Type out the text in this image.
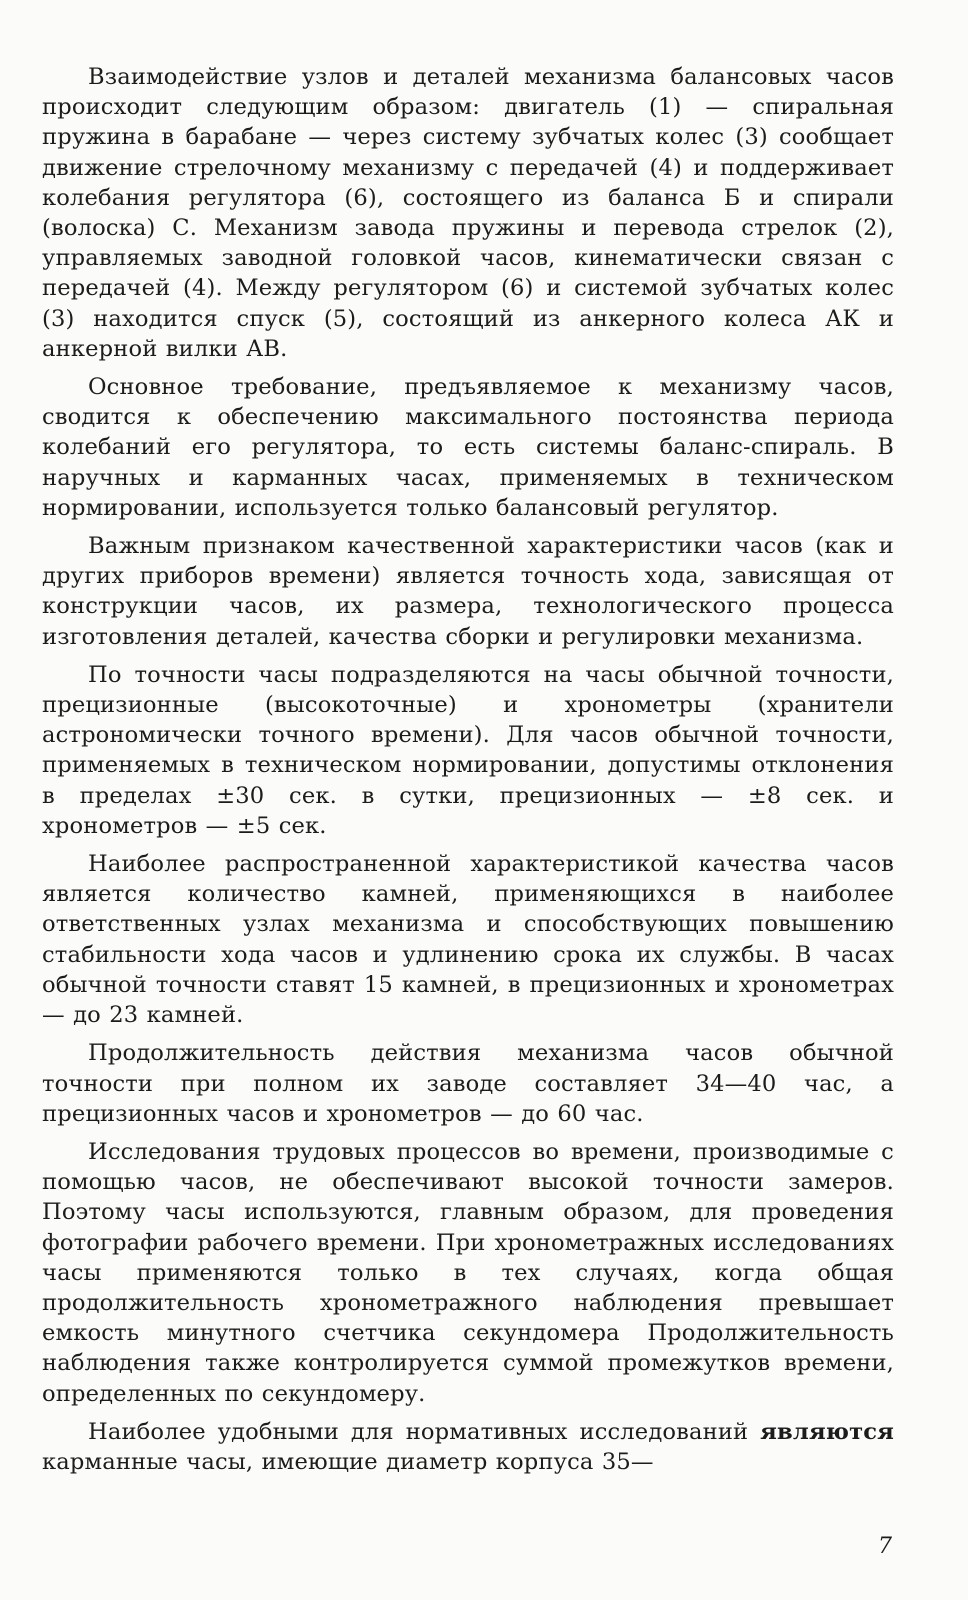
Взаимодействие узлов и деталей механизма балансовых часов происходит следующим образом: двигатель (1) — спиральная пружина в барабане — через систему зубчатых колес (3) сообщает движение стрелочному механизму с передачей (4) и поддерживает колебания регулятора (6), состоящего из баланса Б и спирали (волоска) С. Механизм завода пружины и перевода стрелок (2), управляемых заводной головкой часов, кинематически связан с передачей (4). Между регулятором (6) и системой зубчатых колес (3) находится спуск (5), состоящий из анкерного колеса АК и анкерной вилки АВ.

Основное требование, предъявляемое к механизму часов, сводится к обеспечению максимального постоянства периода колебаний его регулятора, то есть системы баланс-спираль. В наручных и карманных часах, применяемых в техническом нормировании, используется только балансовый регулятор.

Важным признаком качественной характеристики часов (как и других приборов времени) является точность хода, зависящая от конструкции часов, их размера, технологического процесса изготовления деталей, качества сборки и регулировки механизма.

По точности часы подразделяются на часы обычной точности, прецизионные (высокоточные) и хронометры (хранители астрономически точного времени). Для часов обычной точности, применяемых в техническом нормировании, допустимы отклонения в пределах ±30 сек. в сутки, прецизионных — ±8 сек. и хронометров — ±5 сек.

Наиболее распространенной характеристикой качества часов является количество камней, применяющихся в наиболее ответственных узлах механизма и способствующих повышению стабильности хода часов и удлинению срока их службы. В часах обычной точности ставят 15 камней, в прецизионных и хронометрах — до 23 камней.

Продолжительность действия механизма часов обычной точности при полном их заводе составляет 34—40 час, а прецизионных часов и хронометров — до 60 час.

Исследования трудовых процессов во времени, производимые с помощью часов, не обеспечивают высокой точности замеров. Поэтому часы используются, главным образом, для проведения фотографии рабочего времени. При хронометражных исследованиях часы применяются только в тех случаях, когда общая продолжительность хронометражного наблюдения превышает емкость минутного счетчика секундомера Продолжительность наблюдения также контролируется суммой промежутков времени, определенных по секундомеру.

Наиболее удобными для нормативных исследований являются карманные часы, имеющие диаметр корпуса 35—

7
